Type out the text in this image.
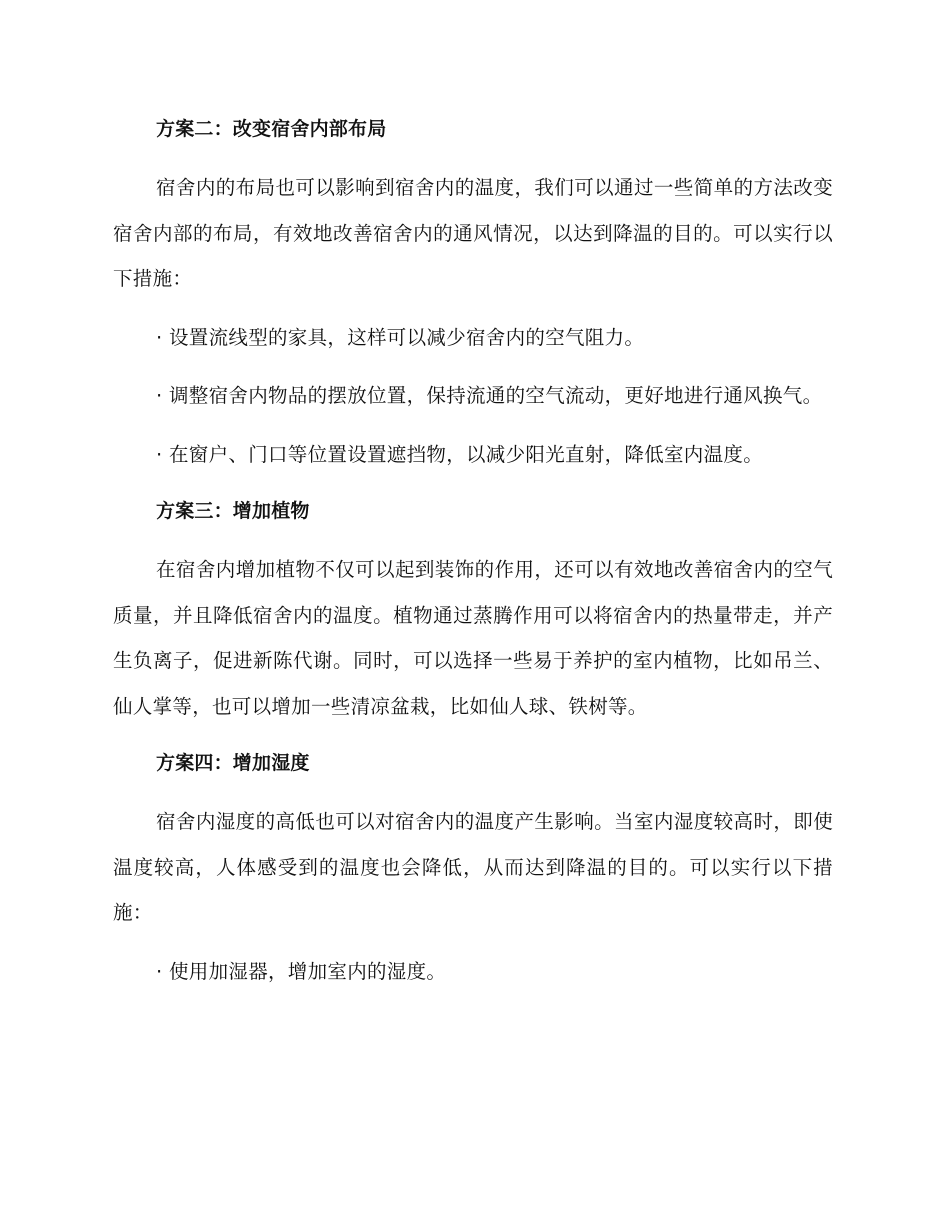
方案二：改变宿舍内部布局
宿舍内的布局也可以影响到宿舍内的温度，我们可以通过一些简单的方法改变宿舍内部的布局，有效地改善宿舍内的通风情况，以达到降温的目的。可以实行以下措施：
· 设置流线型的家具，这样可以减少宿舍内的空气阻力。
· 调整宿舍内物品的摆放位置，保持流通的空气流动，更好地进行通风换气。
· 在窗户、门口等位置设置遮挡物，以减少阳光直射，降低室内温度。
方案三：增加植物
在宿舍内增加植物不仅可以起到装饰的作用，还可以有效地改善宿舍内的空气质量，并且降低宿舍内的温度。植物通过蒸腾作用可以将宿舍内的热量带走，并产生负离子，促进新陈代谢。同时，可以选择一些易于养护的室内植物，比如吊兰、仙人掌等，也可以增加一些清凉盆栽，比如仙人球、铁树等。
方案四：增加湿度
宿舍内湿度的高低也可以对宿舍内的温度产生影响。当室内湿度较高时，即使温度较高，人体感受到的温度也会降低，从而达到降温的目的。可以实行以下措施：
· 使用加湿器，增加室内的湿度。
